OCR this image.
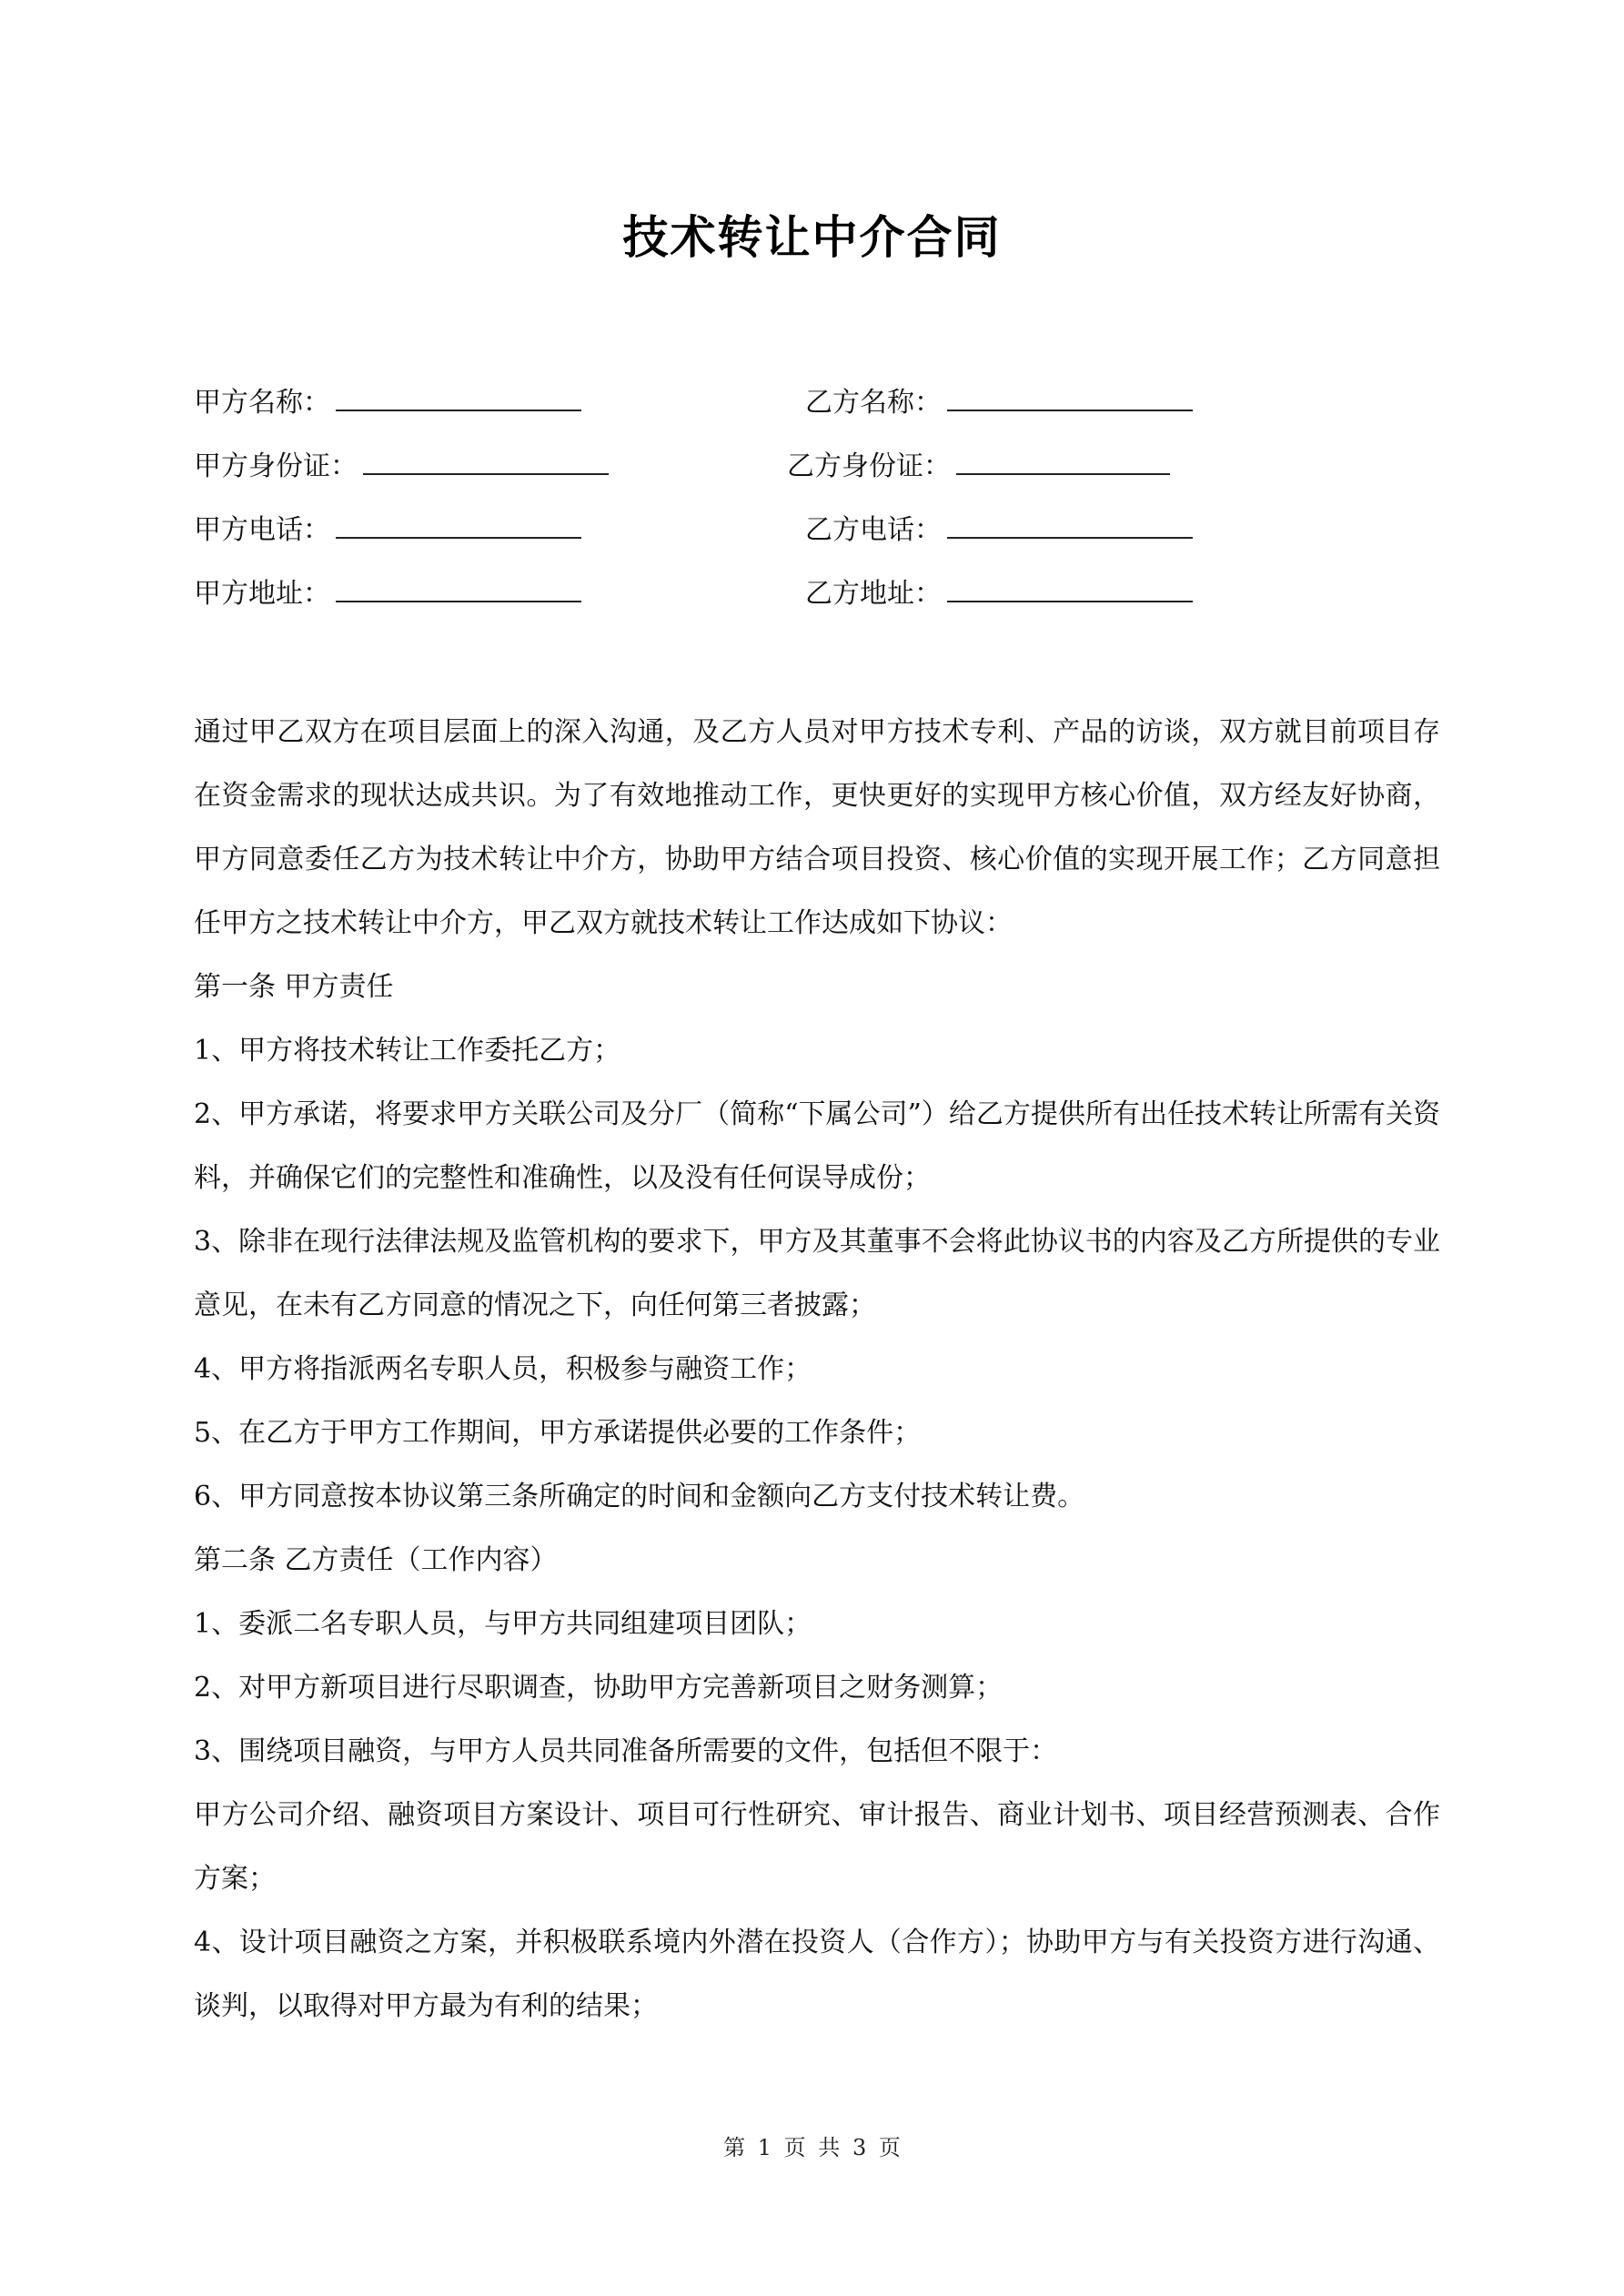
技术转让中介合同
甲方名称：	乙方名称：
甲方身份证：	乙方身份证：
甲方电话：	乙方电话：
甲方地址：	乙方地址：

通过甲乙双方在项目层面上的深入沟通，及乙方人员对甲方技术专利、产品的访谈，双方就目前项目存在资金需求的现状达成共识。为了有效地推动工作，更快更好的实现甲方核心价值，双方经友好协商，甲方同意委任乙方为技术转让中介方，协助甲方结合项目投资、核心价值的实现开展工作；乙方同意担任甲方之技术转让中介方，甲乙双方就技术转让工作达成如下协议：

第一条 甲方责任

1、甲方将技术转让工作委托乙方；

2、甲方承诺，将要求甲方关联公司及分厂（简称“下属公司”）给乙方提供所有出任技术转让所需有关资料，并确保它们的完整性和准确性，以及没有任何误导成份；

3、除非在现行法律法规及监管机构的要求下，甲方及其董事不会将此协议书的内容及乙方所提供的专业意见，在未有乙方同意的情况之下，向任何第三者披露；

4、甲方将指派两名专职人员，积极参与融资工作；

5、在乙方于甲方工作期间，甲方承诺提供必要的工作条件；

6、甲方同意按本协议第三条所确定的时间和金额向乙方支付技术转让费。

第二条 乙方责任（工作内容）

1、委派二名专职人员，与甲方共同组建项目团队；

2、对甲方新项目进行尽职调查，协助甲方完善新项目之财务测算；

3、围绕项目融资，与甲方人员共同准备所需要的文件，包括但不限于：

甲方公司介绍、融资项目方案设计、项目可行性研究、审计报告、商业计划书、项目经营预测表、合作方案；

4、设计项目融资之方案，并积极联系境内外潜在投资人（合作方）；协助甲方与有关投资方进行沟通、谈判，以取得对甲方最为有利的结果；

第 1 页 共 3 页
